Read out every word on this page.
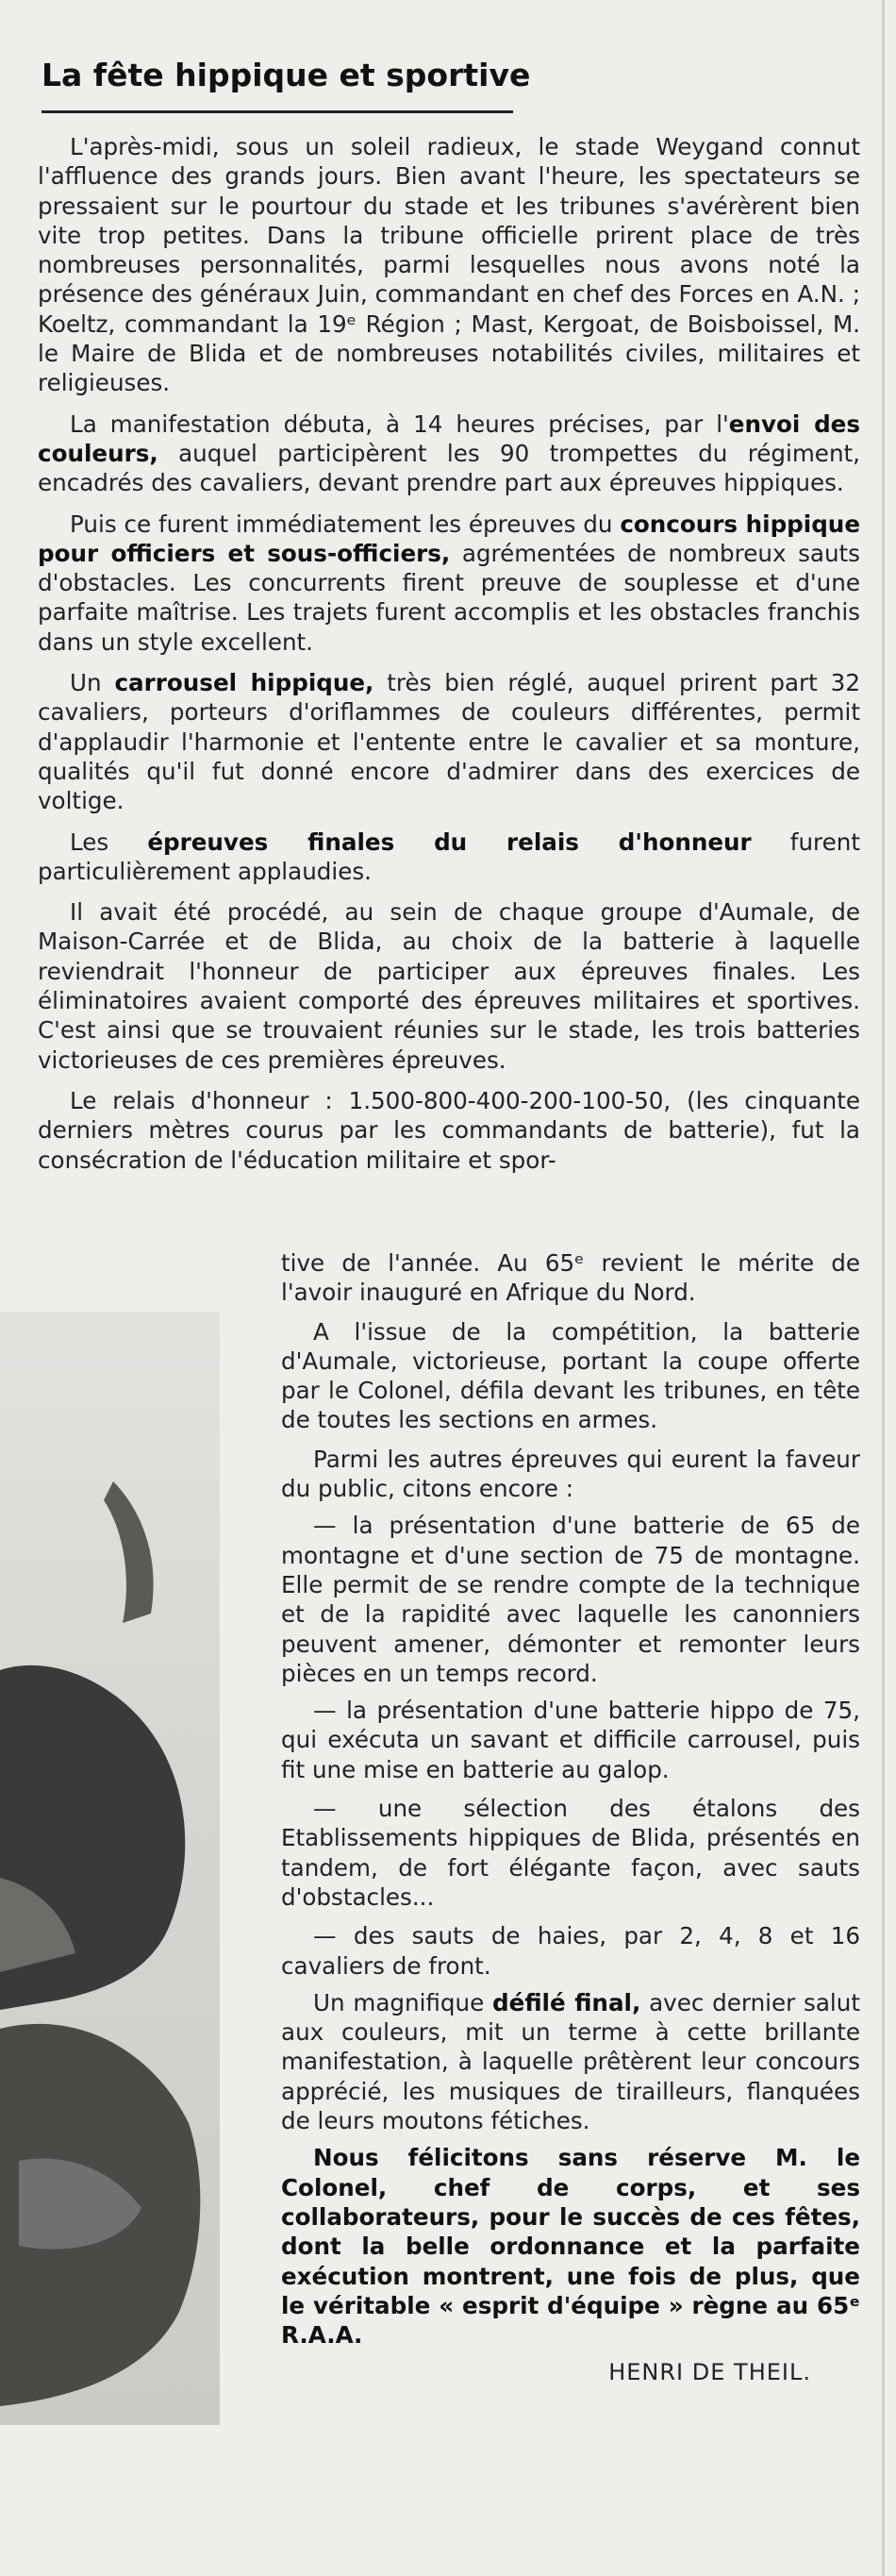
La fête hippique et sportive

L'après-midi, sous un soleil radieux, le stade Weygand connut l'affluence des grands jours. Bien avant l'heure, les spectateurs se pressaient sur le pourtour du stade et les tribunes s'avérèrent bien vite trop petites. Dans la tribune officielle prirent place de très nombreuses personnalités, parmi lesquelles nous avons noté la présence des généraux Juin, commandant en chef des Forces en A.N. ; Koeltz, commandant la 19ᵉ Région ; Mast, Kergoat, de Boisboissel, M. le Maire de Blida et de nombreuses notabilités civiles, militaires et religieuses.

La manifestation débuta, à 14 heures précises, par l'envoi des couleurs, auquel participèrent les 90 trompettes du régiment, encadrés des cavaliers, devant prendre part aux épreuves hippiques.

Puis ce furent immédiatement les épreuves du concours hippique pour officiers et sous-officiers, agrémentées de nombreux sauts d'obstacles. Les concurrents firent preuve de souplesse et d'une parfaite maîtrise. Les trajets furent accomplis et les obstacles franchis dans un style excellent.

Un carrousel hippique, très bien réglé, auquel prirent part 32 cavaliers, porteurs d'oriflammes de couleurs différentes, permit d'applaudir l'harmonie et l'entente entre le cavalier et sa monture, qualités qu'il fut donné encore d'admirer dans des exercices de voltige.

Les épreuves finales du relais d'honneur furent particulièrement applaudies.

Il avait été procédé, au sein de chaque groupe d'Aumale, de Maison-Carrée et de Blida, au choix de la batterie à laquelle reviendrait l'honneur de participer aux épreuves finales. Les éliminatoires avaient comporté des épreuves militaires et sportives. C'est ainsi que se trouvaient réunies sur le stade, les trois batteries victorieuses de ces premières épreuves.

Le relais d'honneur : 1.500-800-400-200-100-50, (les cinquante derniers mètres courus par les commandants de batterie), fut la consécration de l'éducation militaire et spor-

tive de l'année. Au 65ᵉ revient le mérite de l'avoir inauguré en Afrique du Nord.

A l'issue de la compétition, la batterie d'Aumale, victorieuse, portant la coupe offerte par le Colonel, défila devant les tribunes, en tête de toutes les sections en armes.

Parmi les autres épreuves qui eurent la faveur du public, citons encore :

— la présentation d'une batterie de 65 de montagne et d'une section de 75 de montagne. Elle permit de se rendre compte de la technique et de la rapidité avec laquelle les canonniers peuvent amener, démonter et remonter leurs pièces en un temps record.

— la présentation d'une batterie hippo de 75, qui exécuta un savant et difficile carrousel, puis fit une mise en batterie au galop.

— une sélection des étalons des Etablissements hippiques de Blida, présentés en tandem, de fort élégante façon, avec sauts d'obstacles...

— des sauts de haies, par 2, 4, 8 et 16 cavaliers de front.

Un magnifique défilé final, avec dernier salut aux couleurs, mit un terme à cette brillante manifestation, à laquelle prêtèrent leur concours apprécié, les musiques de tirailleurs, flanquées de leurs moutons fétiches.

Nous félicitons sans réserve M. le Colonel, chef de corps, et ses collaborateurs, pour le succès de ces fêtes, dont la belle ordonnance et la parfaite exécution montrent, une fois de plus, que le véritable « esprit d'équipe » règne au 65ᵉ R.A.A.

HENRI DE THEIL.
